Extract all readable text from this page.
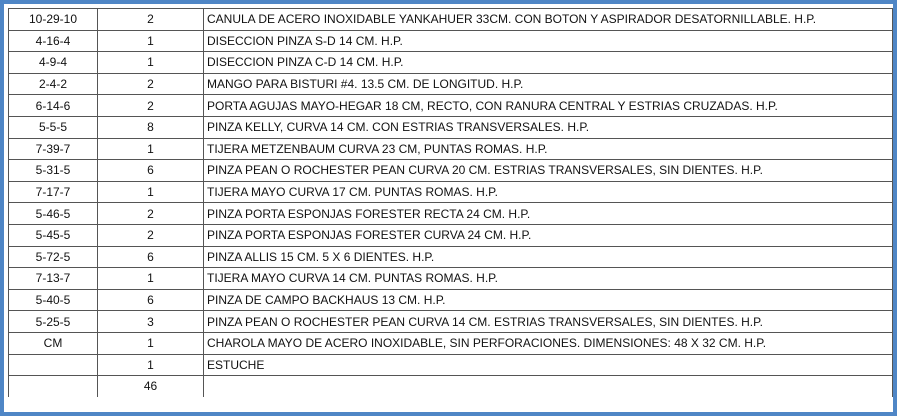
10-29-10	2	CANULA DE ACERO INOXIDABLE YANKAHUER 33CM. CON BOTON Y ASPIRADOR DESATORNILLABLE. H.P.
4-16-4	1	DISECCION PINZA S-D 14 CM. H.P.
4-9-4	1	DISECCION PINZA C-D 14 CM. H.P.
2-4-2	2	MANGO PARA BISTURI #4. 13.5 CM. DE LONGITUD. H.P.
6-14-6	2	PORTA AGUJAS MAYO-HEGAR 18 CM, RECTO, CON RANURA CENTRAL Y ESTRIAS CRUZADAS. H.P.
5-5-5	8	PINZA KELLY, CURVA 14 CM. CON ESTRIAS TRANSVERSALES. H.P.
7-39-7	1	TIJERA METZENBAUM CURVA 23 CM, PUNTAS ROMAS. H.P.
5-31-5	6	PINZA PEAN O ROCHESTER PEAN CURVA 20 CM. ESTRIAS TRANSVERSALES, SIN DIENTES. H.P.
7-17-7	1	TIJERA MAYO CURVA 17 CM. PUNTAS ROMAS. H.P.
5-46-5	2	PINZA PORTA ESPONJAS FORESTER RECTA 24 CM. H.P.
5-45-5	2	PINZA PORTA ESPONJAS FORESTER CURVA 24 CM. H.P.
5-72-5	6	PINZA ALLIS 15 CM. 5 X 6 DIENTES. H.P.
7-13-7	1	TIJERA MAYO CURVA 14 CM. PUNTAS ROMAS. H.P.
5-40-5	6	PINZA DE CAMPO BACKHAUS 13 CM. H.P.
5-25-5	3	PINZA PEAN O ROCHESTER PEAN CURVA 14 CM. ESTRIAS TRANSVERSALES, SIN DIENTES. H.P.
CM	1	CHAROLA MAYO DE ACERO INOXIDABLE, SIN PERFORACIONES. DIMENSIONES: 48 X 32 CM. H.P.
	1	ESTUCHE
	46	
